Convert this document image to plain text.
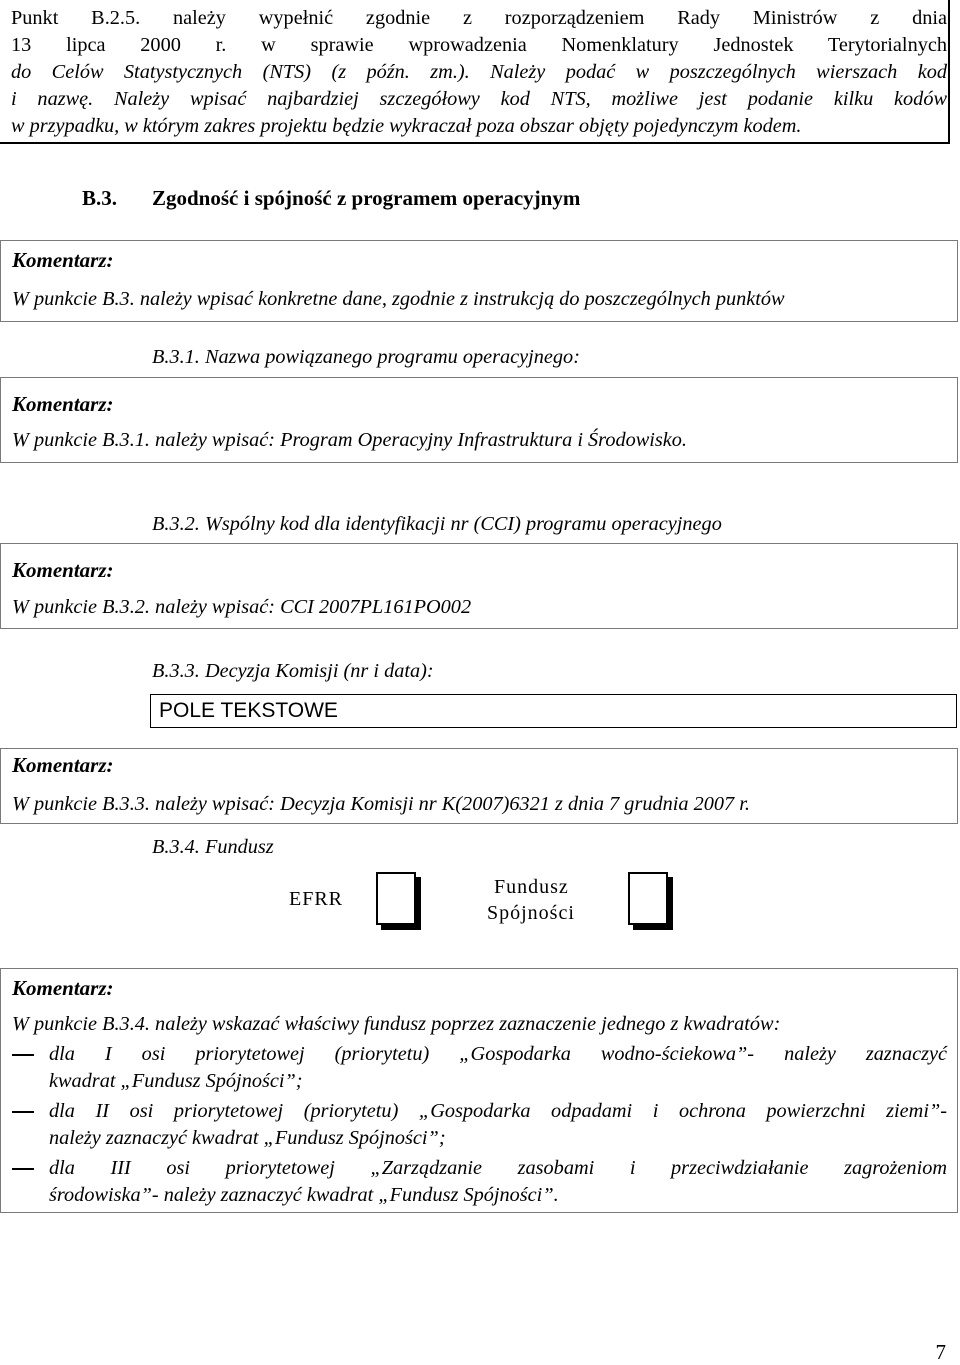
Punkt B.2.5. należy wypełnić zgodnie z rozporządzeniem Rady Ministrów z dnia
13 lipca 2000 r. w sprawie wprowadzenia Nomenklatury Jednostek Terytorialnych
do Celów Statystycznych (NTS) (z późn. zm.). Należy podać w poszczególnych wierszach kod
i nazwę. Należy wpisać najbardziej szczegółowy kod NTS, możliwe jest podanie kilku kodów
w przypadku, w którym zakres projektu będzie wykraczał poza obszar objęty pojedynczym kodem.
B.3. Zgodność i spójność z programem operacyjnym
Komentarz:
W punkcie B.3. należy wpisać konkretne dane, zgodnie z instrukcją do poszczególnych punktów
B.3.1. Nazwa powiązanego programu operacyjnego:
Komentarz:
W punkcie B.3.1. należy wpisać: Program Operacyjny Infrastruktura i Środowisko.
B.3.2. Wspólny kod dla identyfikacji nr (CCI) programu operacyjnego
Komentarz:
W punkcie B.3.2. należy wpisać: CCI 2007PL161PO002
B.3.3. Decyzja Komisji (nr i data):
POLE TEKSTOWE
Komentarz:
W punkcie B.3.3. należy wpisać: Decyzja Komisji nr K(2007)6321 z dnia 7 grudnia 2007 r.
B.3.4. Fundusz
EFRR
Fundusz
Spójności
Komentarz:
W punkcie B.3.4. należy wskazać właściwy fundusz poprzez zaznaczenie jednego z kwadratów:
dla I osi priorytetowej (priorytetu) „Gospodarka wodno-ściekowa”- należy zaznaczyć
kwadrat „Fundusz Spójności”;
dla II osi priorytetowej (priorytetu) „Gospodarka odpadami i ochrona powierzchni ziemi”-
należy zaznaczyć kwadrat „Fundusz Spójności”;
dla III osi priorytetowej „Zarządzanie zasobami i przeciwdziałanie zagrożeniom
środowiska”- należy zaznaczyć kwadrat „Fundusz Spójności”.
7
